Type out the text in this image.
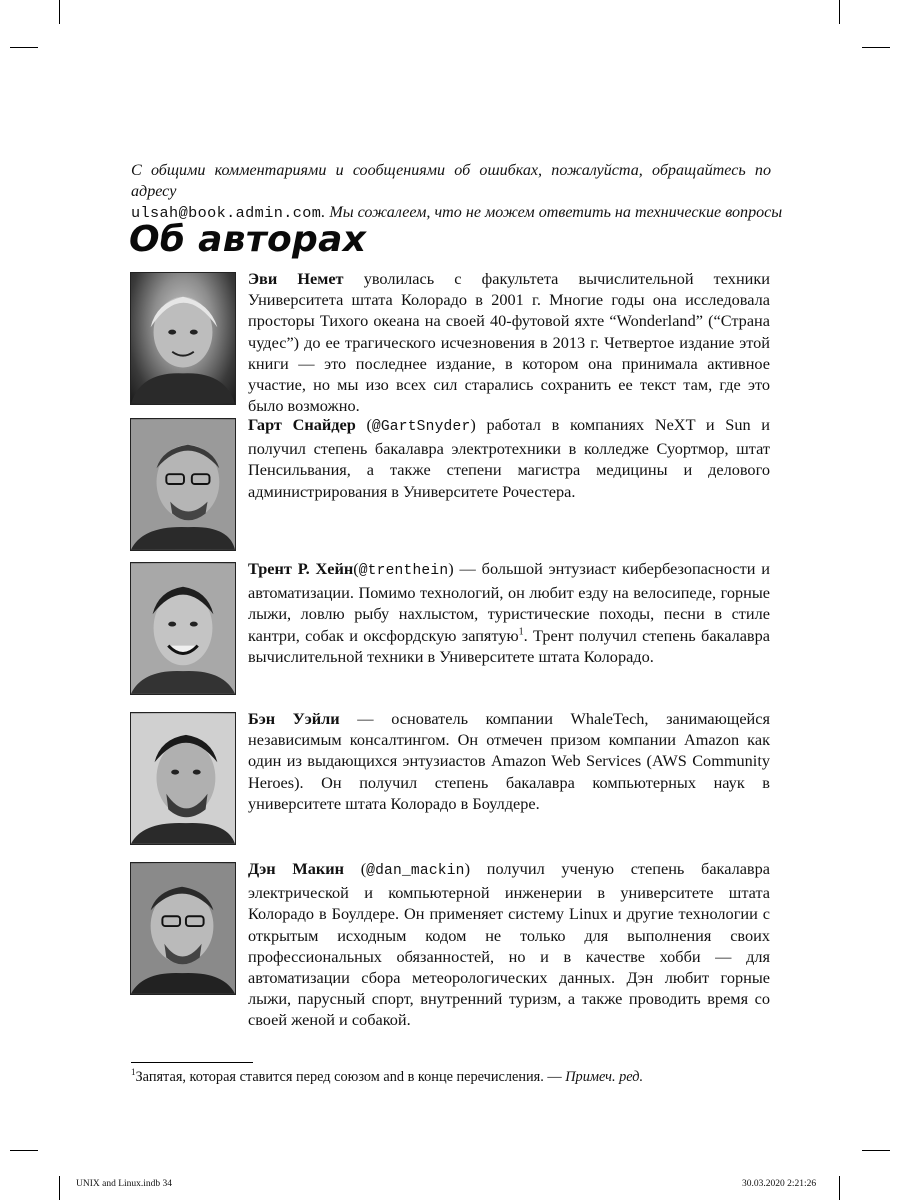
С общими комментариями и сообщениями об ошибках, пожалуйста, обращайтесь по адресу
ulsah@book.admin.com. Мы сожалеем, что не можем ответить на технические вопросы
Об авторах
Эви Немет уволилась с факультета вычислительной техники Университета штата Колорадо в 2001 г. Многие годы она исследовала просторы Тихого океана на своей 40-футовой яхте “Wonderland” (“Страна чудес”) до ее трагического исчезновения в 2013 г. Четвертое издание этой книги — это последнее издание, в котором она принимала активное участие, но мы изо всех сил старались сохранить ее текст там, где это было возможно.
Гарт Снайдер (@GartSnyder) работал в компаниях NeXT и Sun и получил степень бакалавра электротехники в колледже Суортмор, штат Пенсильвания, а также степени магистра медицины и делового администрирования в Университете Рочестера.
Трент Р. Хейн(@trenthein) — большой энтузиаст кибербезопасности и автоматизации. Помимо технологий, он любит езду на велосипеде, горные лыжи, ловлю рыбу нахлыстом, туристические походы, песни в стиле кантри, собак и оксфордскую запятую$^1$. Трент получил степень бакалавра вычислительной техники в Университете штата Колорадо.
Бэн Уэйли — основатель компании WhaleTech, занимающейся независимым консалтингом. Он отмечен призом компании Amazon как один из выдающихся энтузиастов Amazon Web Services (AWS Community Heroes). Он получил степень бакалавра компьютерных наук в университете штата Колорадо в Боулдере.
Дэн Макин (@dan_mackin) получил ученую степень бакалавра электрической и компьютерной инженерии в университете штата Колорадо в Боулдере. Он применяет систему Linux и другие технологии с открытым исходным кодом не только для выполнения своих профессиональных обязанностей, но и в качестве хобби — для автоматизации сбора метеорологических данных. Дэн любит горные лыжи, парусный спорт, внутренний туризм, а также проводить время со своей женой и собакой.
$^1$Запятая, которая ставится перед союзом and в конце перечисления. — Примеч. ред.
UNIX and Linux.indb 34	30.03.2020 2:21:26
